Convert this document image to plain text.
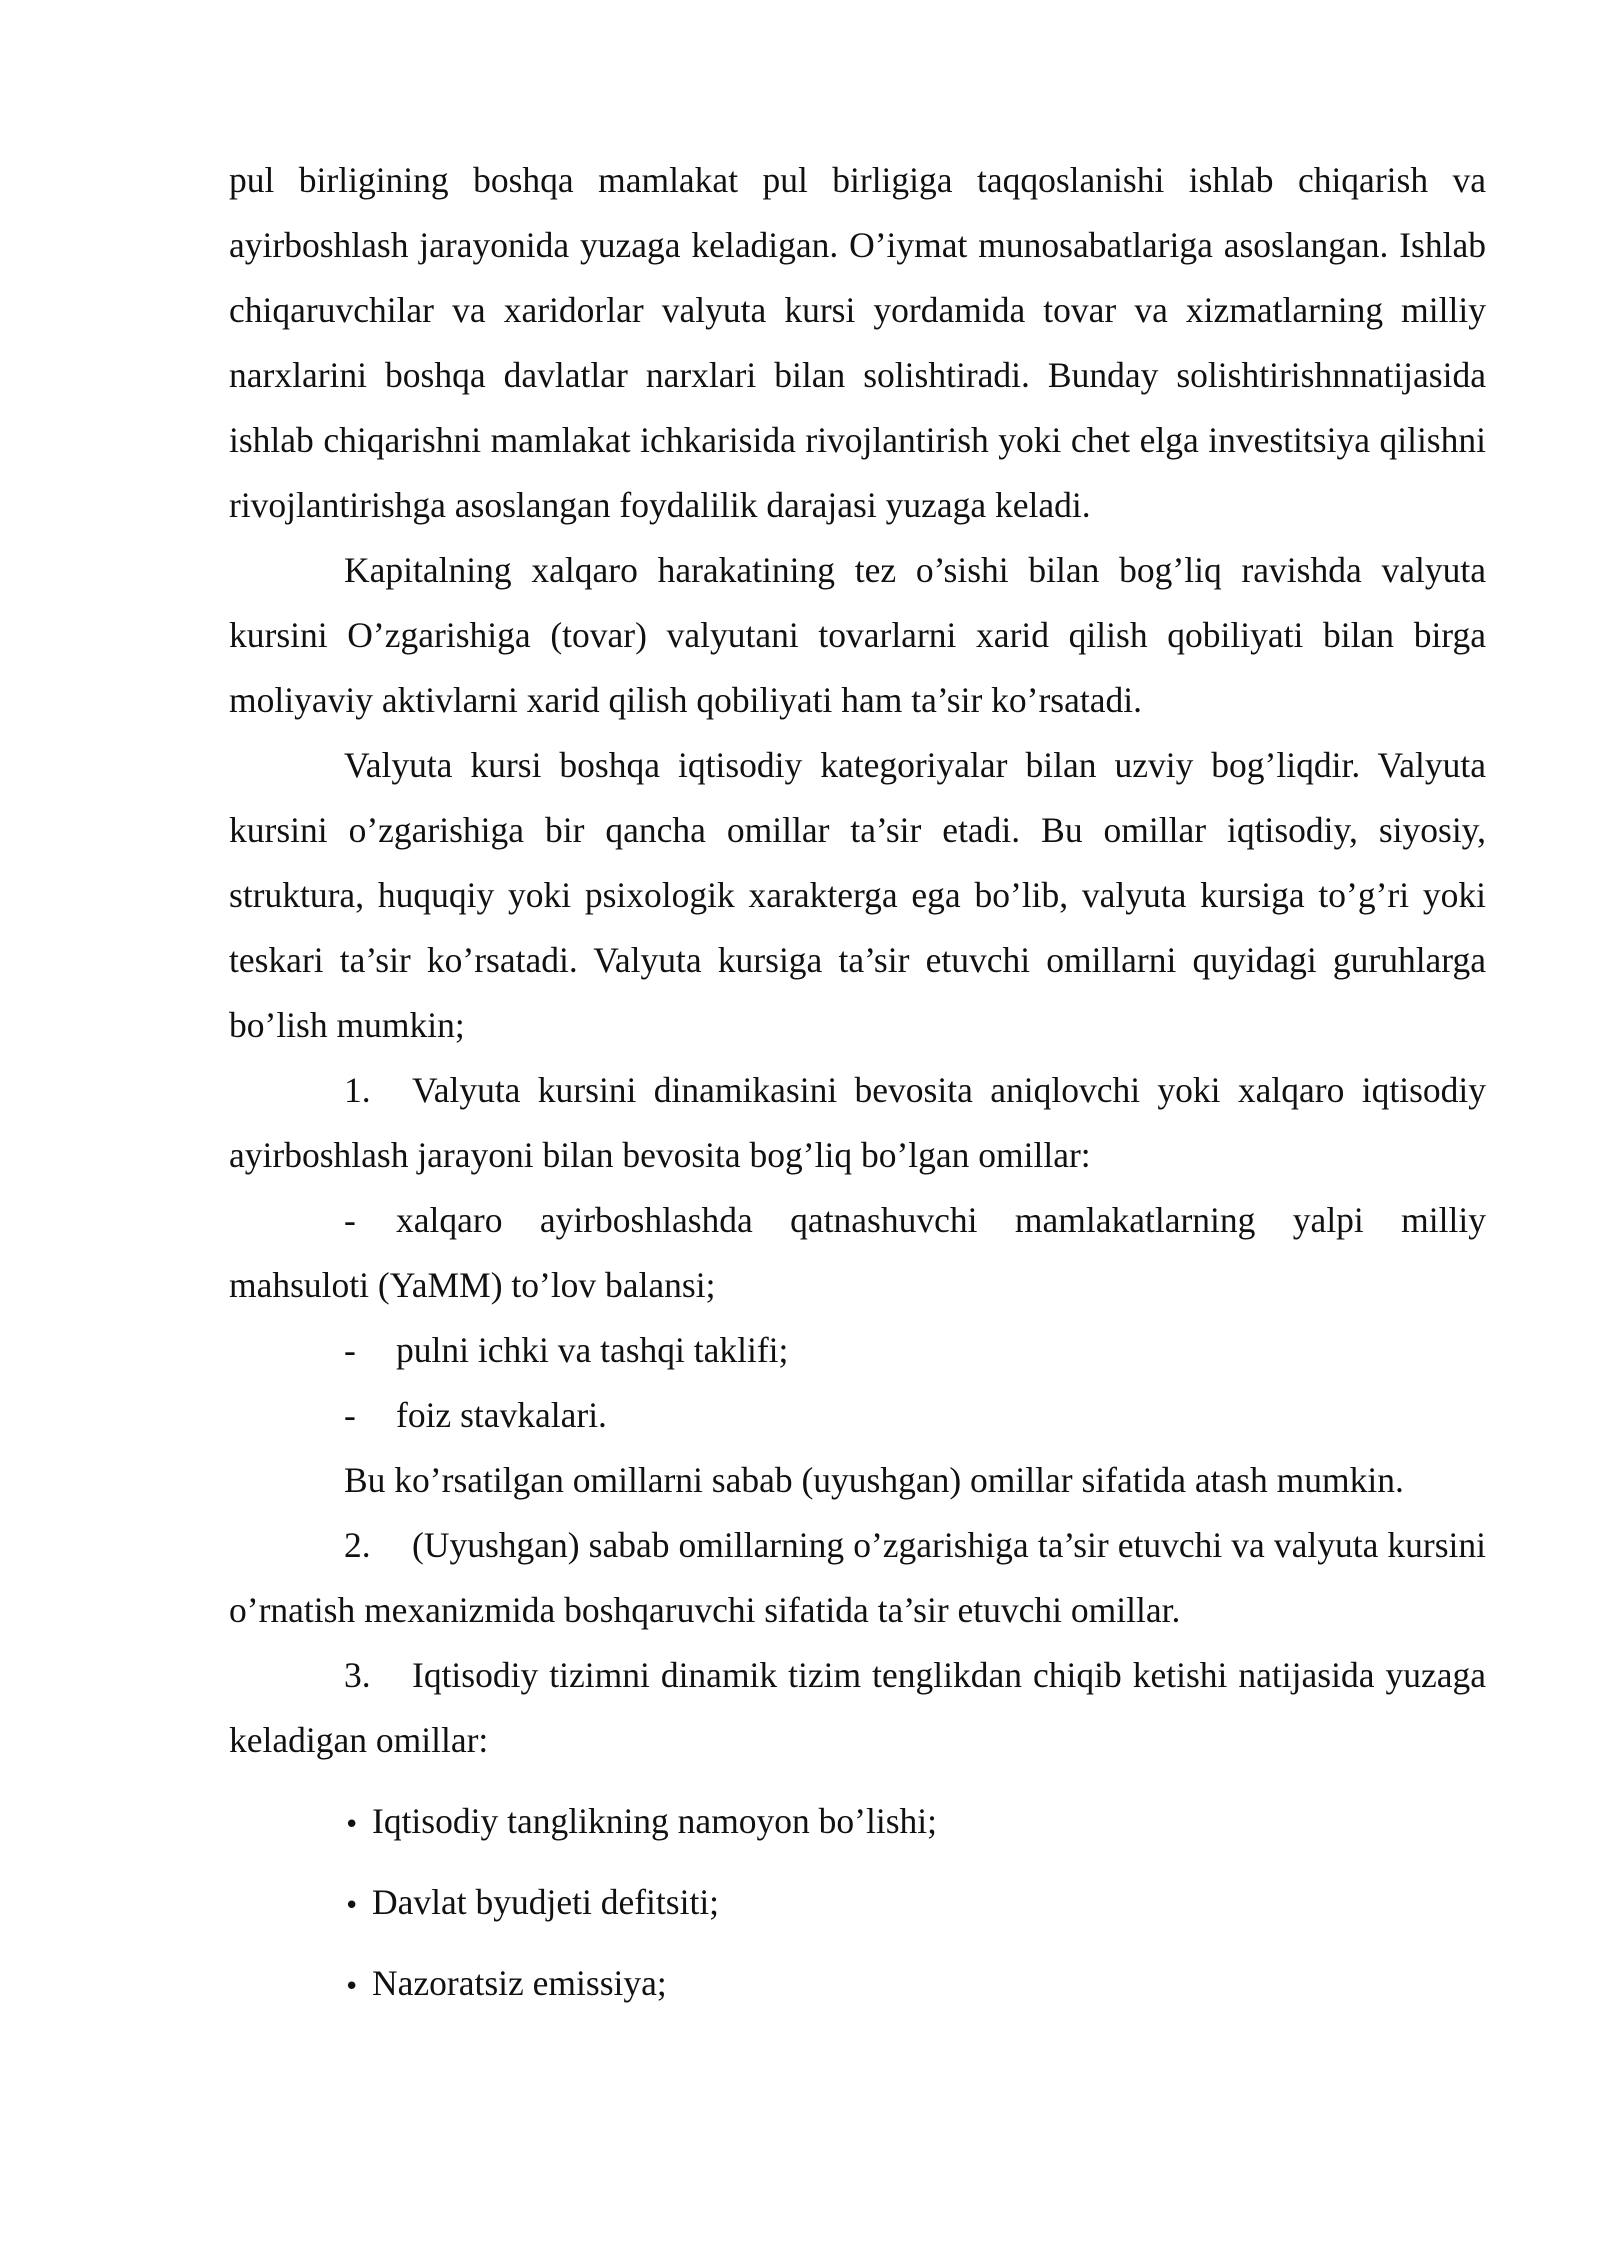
pul birligining boshqa mamlakat pul birligiga taqqoslanishi ishlab chiqarish va ayirboshlash jarayonida yuzaga keladigan. O’iymat munosabatlariga asoslangan. Ishlab chiqaruvchilar va xaridorlar valyuta kursi yordamida tovar va xizmatlarning milliy narxlarini boshqa davlatlar narxlari bilan solishtiradi. Bunday solishtirishnnatijasida ishlab chiqarishni mamlakat ichkarisida rivojlantirish yoki chet elga investitsiya qilishni rivojlantirishga asoslangan foydalilik darajasi yuzaga keladi.

Kapitalning xalqaro harakatining tez o’sishi bilan bog’liq ravishda valyuta kursini O’zgarishiga (tovar) valyutani tovarlarni xarid qilish qobiliyati bilan birga moliyaviy aktivlarni xarid qilish qobiliyati ham ta’sir ko’rsatadi.

Valyuta kursi boshqa iqtisodiy kategoriyalar bilan uzviy bog’liqdir. Valyuta kursini o’zgarishiga bir qancha omillar ta’sir etadi. Bu omillar iqtisodiy, siyosiy, struktura, huquqiy yoki psixologik xarakterga ega bo’lib, valyuta kursiga to’g’ri yoki teskari ta’sir ko’rsatadi. Valyuta kursiga ta’sir etuvchi omillarni quyidagi guruhlarga bo’lish mumkin;

1. Valyuta kursini dinamikasini bevosita aniqlovchi yoki xalqaro iqtisodiy ayirboshlash jarayoni bilan bevosita bog’liq bo’lgan omillar:

- xalqaro ayirboshlashda qatnashuvchi mamlakatlarning yalpi milliy mahsuloti (YaMM) to’lov balansi;

- pulni ichki va tashqi taklifi;

- foiz stavkalari.

Bu ko’rsatilgan omillarni sabab (uyushgan) omillar sifatida atash mumkin.

2. (Uyushgan) sabab omillarning o’zgarishiga ta’sir etuvchi va valyuta kursini o’rnatish mexanizmida boshqaruvchi sifatida ta’sir etuvchi omillar.

3. Iqtisodiy tizimni dinamik tizim tenglikdan chiqib ketishi natijasida yuzaga keladigan omillar:

• Iqtisodiy tanglikning namoyon bo’lishi;

• Davlat byudjeti defitsiti;

• Nazoratsiz emissiya;
